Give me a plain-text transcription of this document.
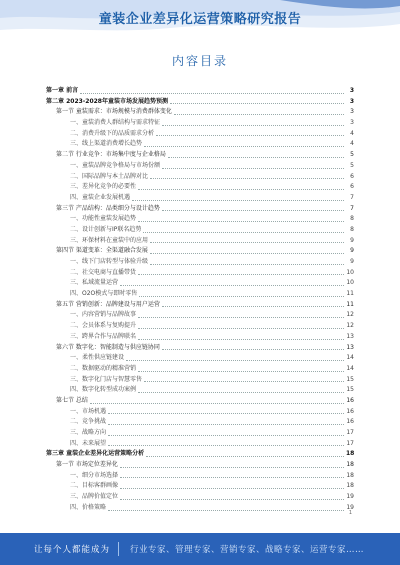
童装企业差异化运营策略研究报告
内容目录
第一章 前言	3
第二章 2023-2028年童装市场发展趋势预测	3
第一节 童装需求：市场规模与消费群体变化	3
一、童装消费人群结构与需求特征	3
二、消费升级下的品质需求分析	4
三、线上渠道消费增长趋势	4
第二节 行业竞争：市场集中度与企业格局	5
一、童装品牌竞争格局与市场份额	5
二、国际品牌与本土品牌对比	6
三、差异化竞争的必要性	6
四、童装企业发展机遇	7
第三节 产品结构：品类细分与设计趋势	7
一、功能性童装发展趋势	8
二、设计创新与IP联名趋势	8
三、环保材料在童装中的应用	9
第四节 渠道变革：全渠道融合发展	9
一、线下门店转型与体验升级	9
二、社交电商与直播带货	10
三、私域流量运营	10
四、O2O模式与即时零售	11
第五节 营销创新：品牌建设与用户运营	11
一、内容营销与品牌故事	12
二、会员体系与复购提升	12
三、跨界合作与品牌联名	13
第六节 数字化：智能制造与供应链协同	13
一、柔性供应链建设	14
二、数据驱动的精准营销	14
三、数字化门店与智慧零售	15
四、数字化转型成功案例	15
第七节 总结	16
一、市场机遇	16
二、竞争挑战	16
三、战略方向	17
四、未来展望	17
第三章 童装企业差异化运营策略分析	18
第一节 市场定位差异化	18
一、细分市场选择	18
二、目标客群画像	18
三、品牌价值定位	19
四、价格策略	19
1
让每个人都能成为 行业专家、管理专家、营销专家、战略专家、运营专家……
